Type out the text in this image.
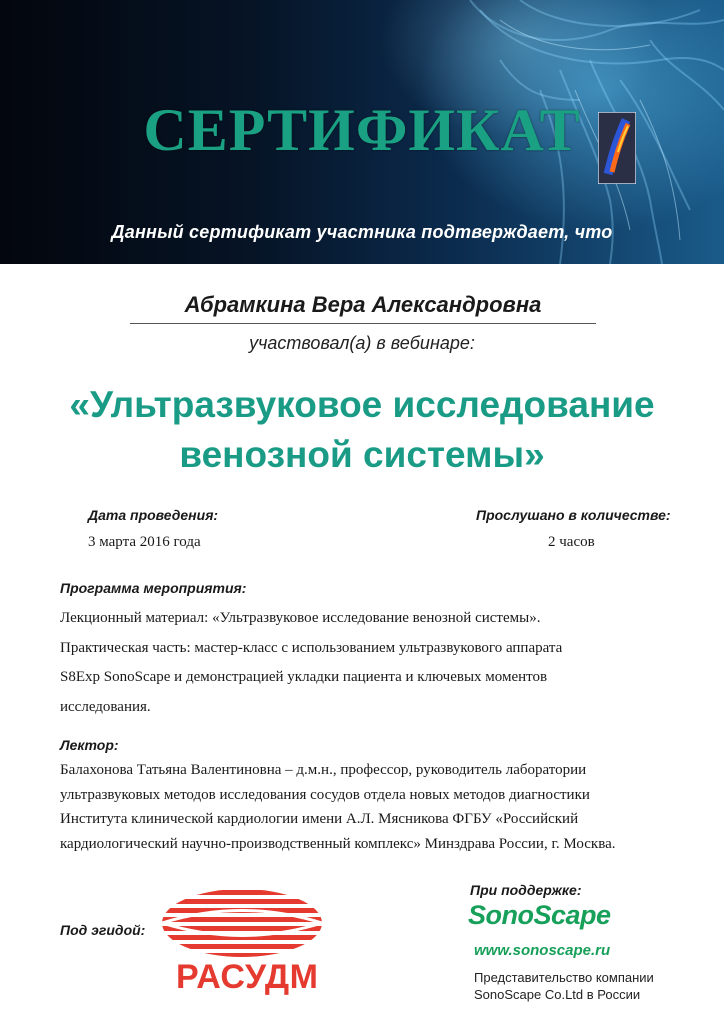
СЕРТИФИКАТ
Данный сертификат участника подтверждает, что
Абрамкина Вера Александровна
участвовал(а) в вебинаре:
«Ультразвуковое исследование
венозной системы»
Дата проведения:
3 марта 2016 года
Прослушано в количестве:
2 часов
Программа мероприятия:
Лекционный материал: «Ультразвуковое исследование венозной системы».
Практическая часть: мастер-класс с использованием ультразвукового аппарата
S8Exp SonoScape и демонстрацией укладки пациента и ключевых моментов
исследования.
Лектор:
Балахонова Татьяна Валентиновна – д.м.н., профессор, руководитель лаборатории
ультразвуковых методов исследования сосудов отдела новых методов диагностики
Института клинической кардиологии имени А.Л. Мясникова ФГБУ «Российский
кардиологический научно-производственный комплекс» Минздрава России, г. Москва.
Под эгидой:
РАСУДМ
При поддержке:
SonoScape
www.sonoscape.ru
Представительство компании
SonoScape Co.Ltd в России
